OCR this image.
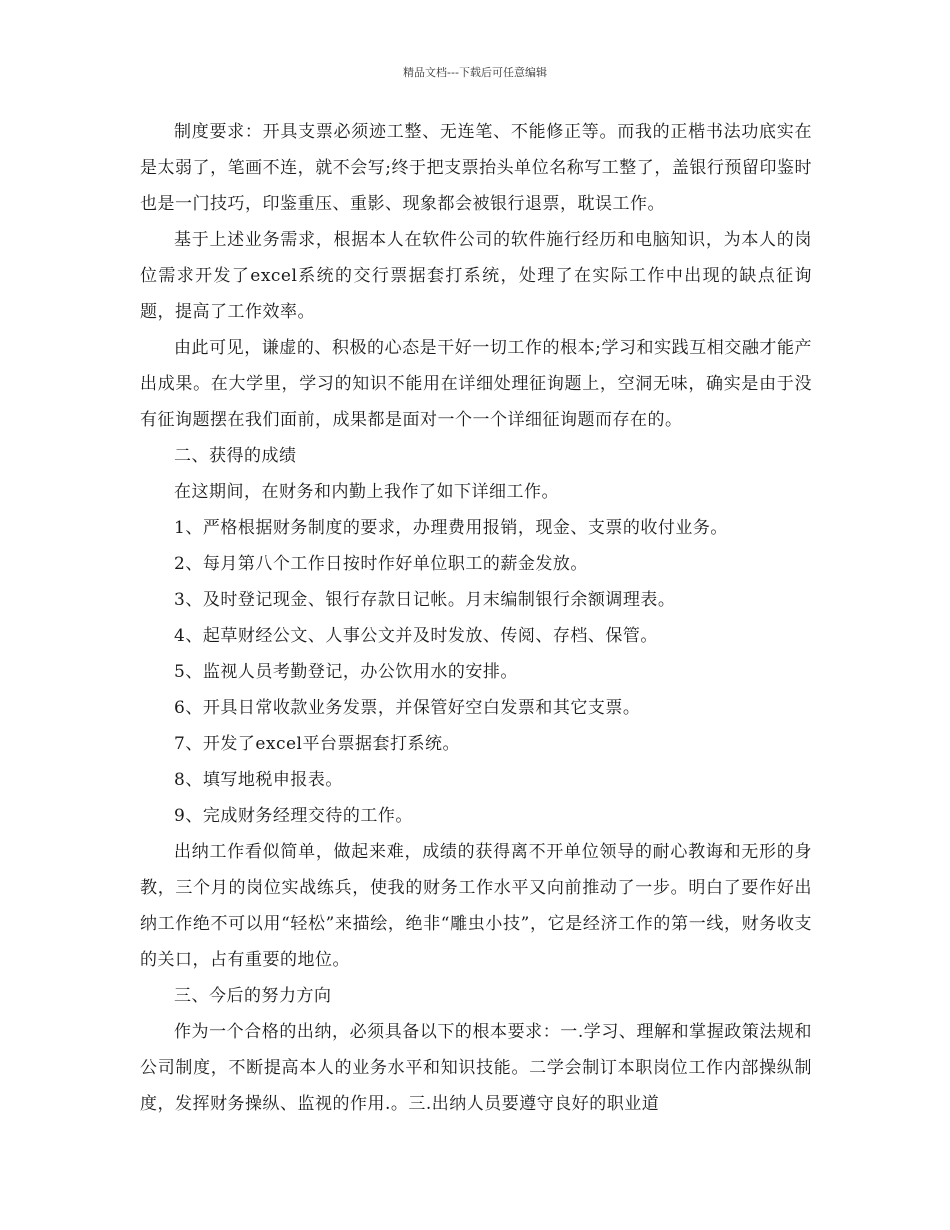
精品文档---下载后可任意编辑

制度要求：开具支票必须迹工整、无连笔、不能修正等。而我的正楷书法功底实在是太弱了，笔画不连，就不会写;终于把支票抬头单位名称写工整了，盖银行预留印鉴时也是一门技巧，印鉴重压、重影、现象都会被银行退票，耽误工作。

基于上述业务需求，根据本人在软件公司的软件施行经历和电脑知识，为本人的岗位需求开发了excel系统的交行票据套打系统，处理了在实际工作中出现的缺点征询题，提高了工作效率。

由此可见，谦虚的、积极的心态是干好一切工作的根本;学习和实践互相交融才能产出成果。在大学里，学习的知识不能用在详细处理征询题上，空洞无味，确实是由于没有征询题摆在我们面前，成果都是面对一个一个详细征询题而存在的。

二、获得的成绩

在这期间，在财务和内勤上我作了如下详细工作。

1、严格根据财务制度的要求，办理费用报销，现金、支票的收付业务。

2、每月第八个工作日按时作好单位职工的薪金发放。

3、及时登记现金、银行存款日记帐。月末编制银行余额调理表。

4、起草财经公文、人事公文并及时发放、传阅、存档、保管。

5、监视人员考勤登记，办公饮用水的安排。

6、开具日常收款业务发票，并保管好空白发票和其它支票。

7、开发了excel平台票据套打系统。

8、填写地税申报表。

9、完成财务经理交待的工作。

出纳工作看似简单，做起来难，成绩的获得离不开单位领导的耐心教诲和无形的身教，三个月的岗位实战练兵，使我的财务工作水平又向前推动了一步。明白了要作好出纳工作绝不可以用“轻松”来描绘，绝非“雕虫小技”，它是经济工作的第一线，财务收支的关口，占有重要的地位。

三、今后的努力方向

作为一个合格的出纳，必须具备以下的根本要求：一.学习、理解和掌握政策法规和公司制度，不断提高本人的业务水平和知识技能。二学会制订本职岗位工作内部操纵制度，发挥财务操纵、监视的作用.。三.出纳人员要遵守良好的职业道
